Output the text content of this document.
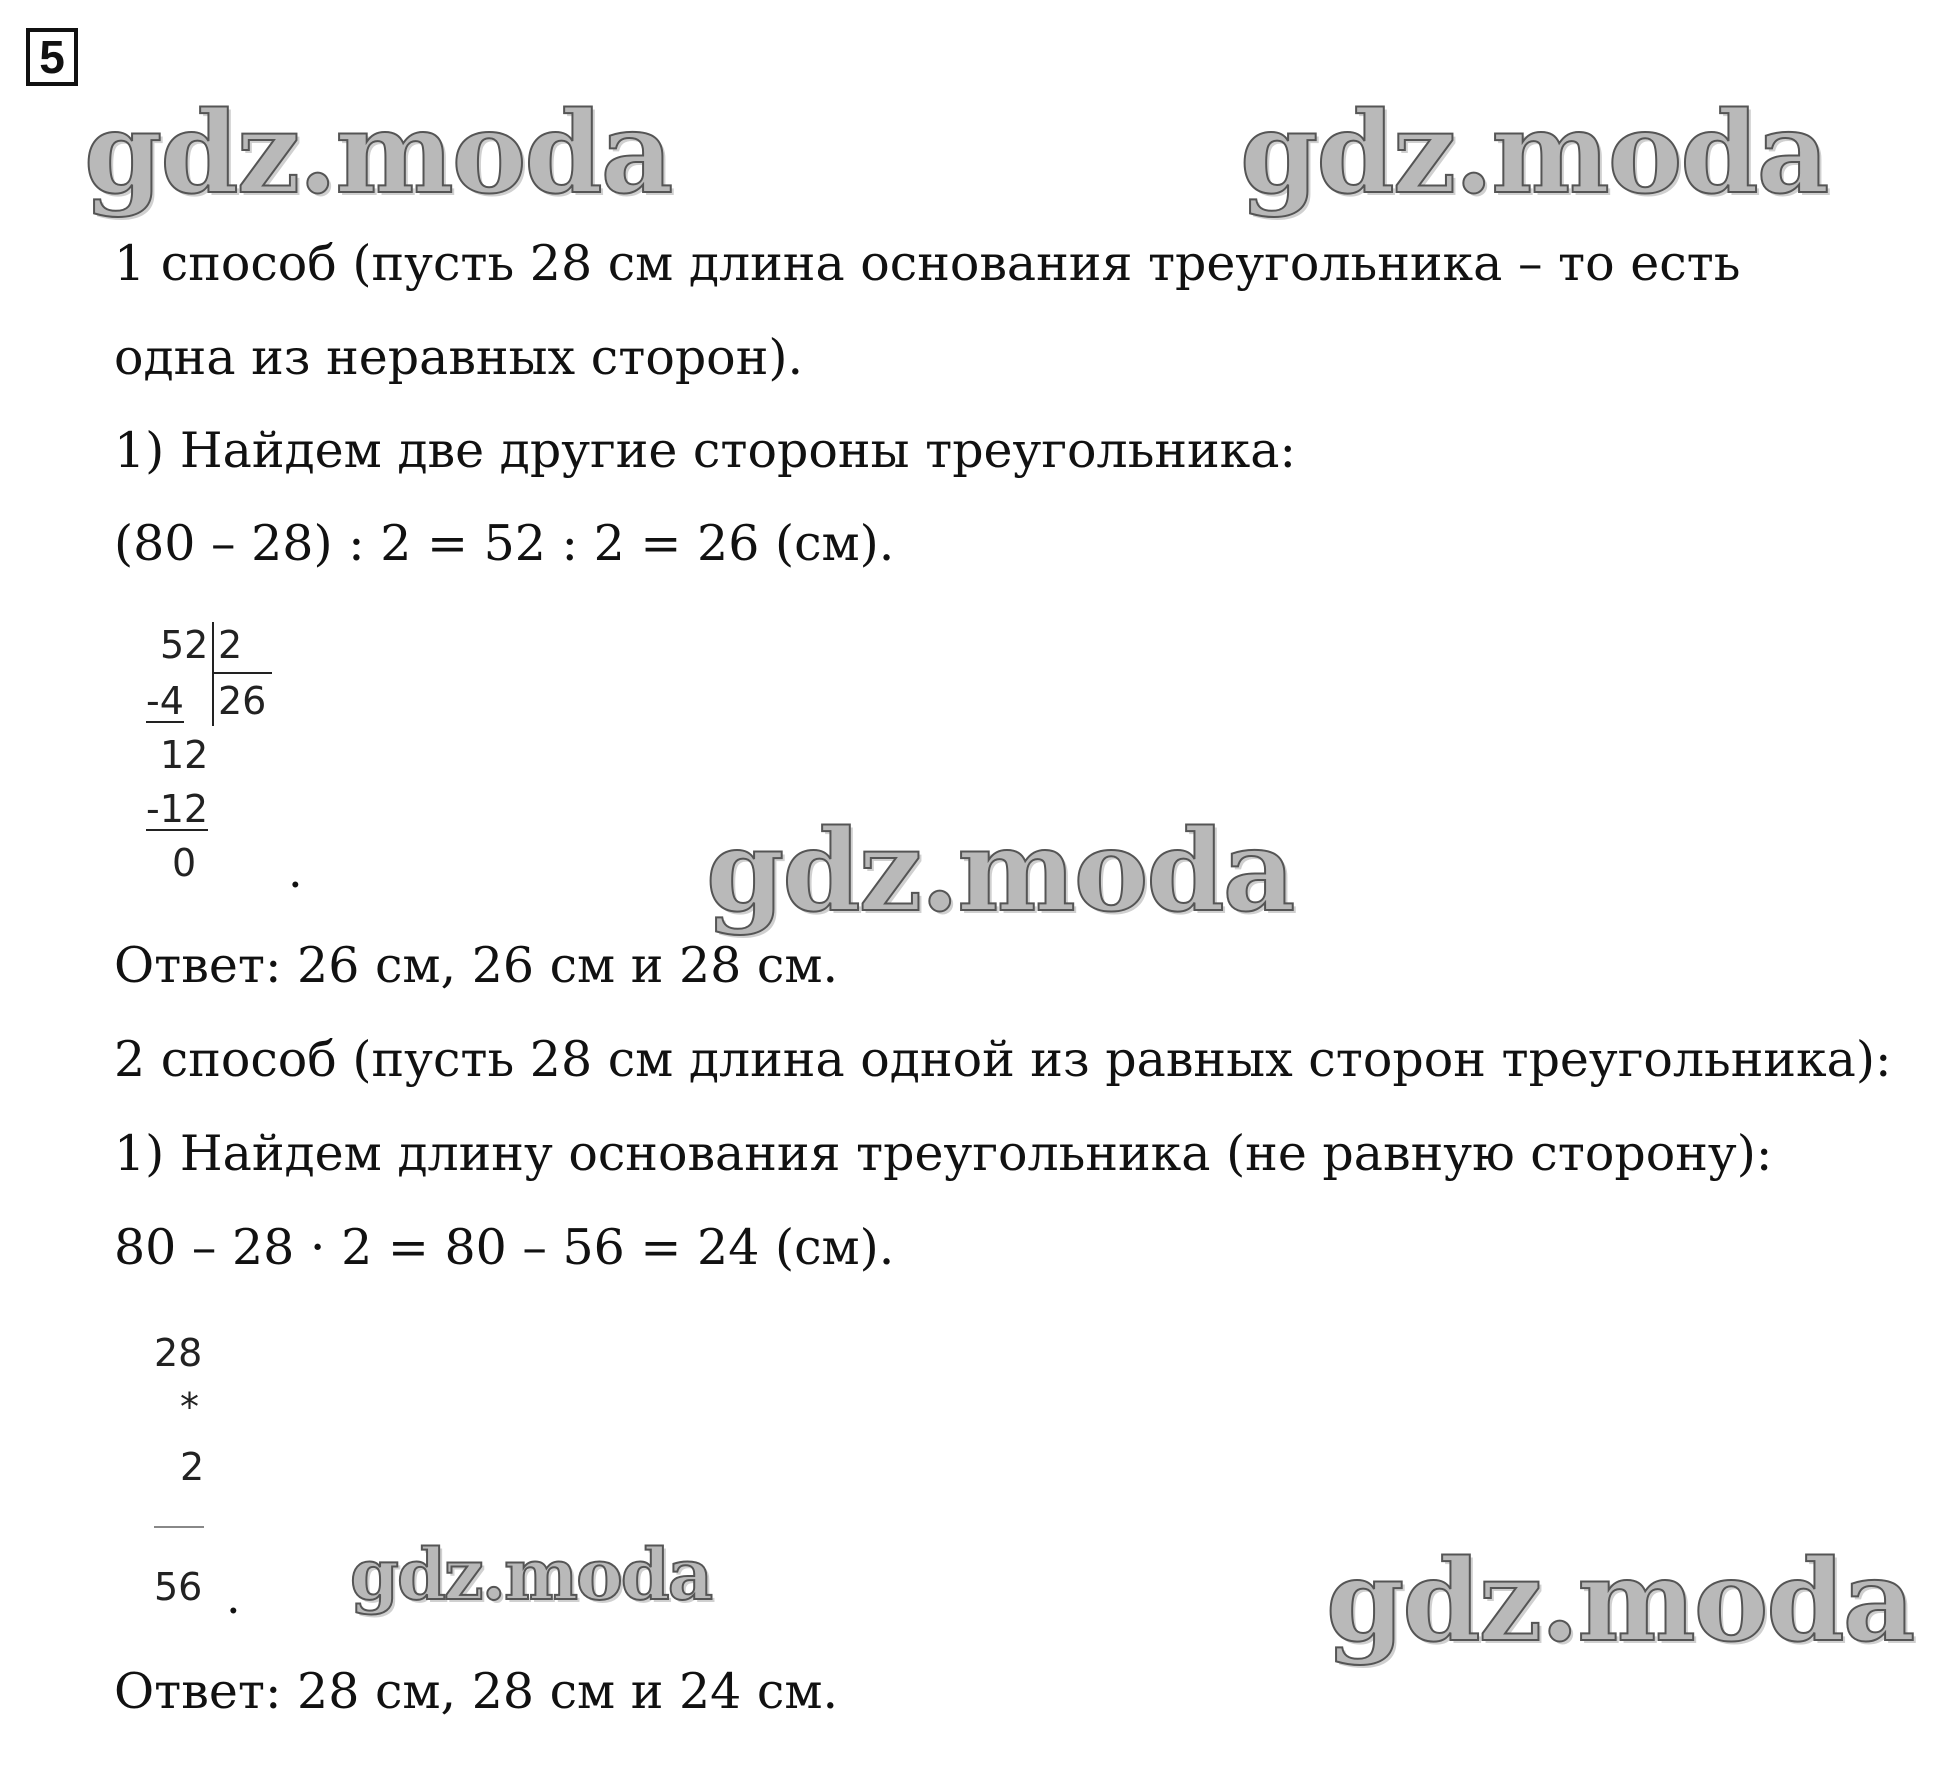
5
gdz.moda	gdz.moda
gdz.moda
gdz.moda	gdz.moda

1 способ (пусть 28 см длина основания треугольника – то есть

одна из неравных сторон).

1) Найдем две другие стороны треугольника:

(80 – 28) : 2 = 52 : 2 = 26 (см).

52 2
-4 26
12
-12
0 .

Ответ: 26 см, 26 см и 28 см.

2 способ (пусть 28 см длина одной из равных сторон треугольника):

1) Найдем длину основания треугольника (не равную сторону):

80 – 28 · 2 = 80 – 56 = 24 (см).

28
*
2
56 .

Ответ: 28 см, 28 см и 24 см.
